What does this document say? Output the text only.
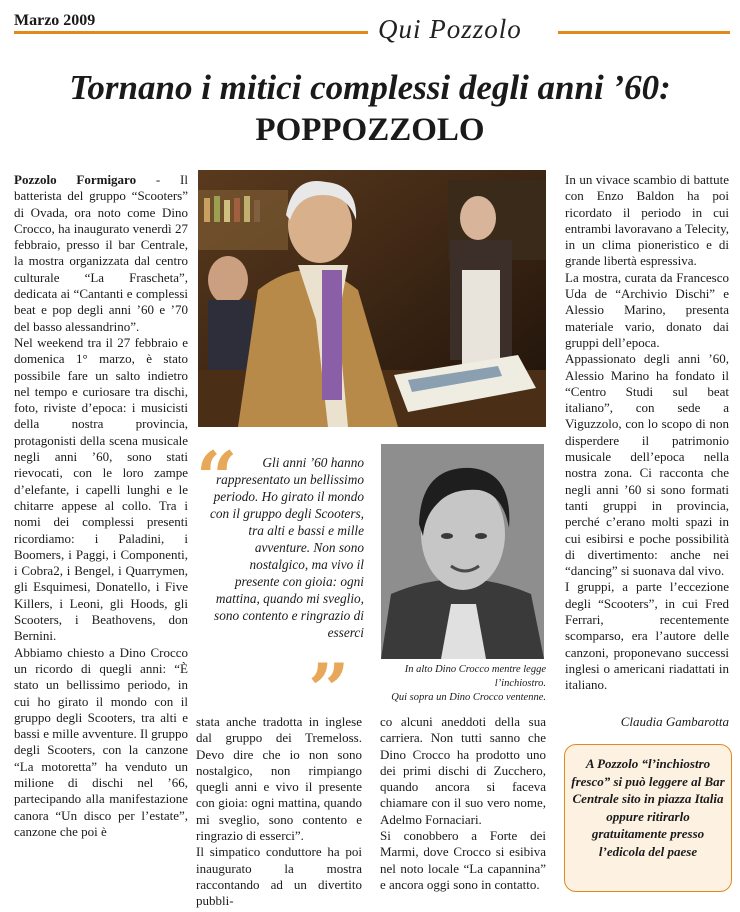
Marzo 2009	Qui Pozzolo
Tornano i mitici complessi degli anni ’60:
POPPOZZOLO

Pozzolo Formigaro - Il batterista del gruppo “Scooters” di Ovada, ora noto come Dino Crocco, ha inaugurato venerdì 27 febbraio, presso il bar Centrale, la mostra organizzata dal centro culturale “La Frascheta”, dedicata ai “Cantanti e complessi beat e pop degli anni ’60 e ’70 del basso alessandrino”.

Nel weekend tra il 27 febbraio e domenica 1° marzo, è stato possibile fare un salto indietro nel tempo e curiosare tra dischi, foto, riviste d’epoca: i musicisti della nostra provincia, protagonisti della scena musicale negli anni ’60, sono stati rievocati, con le loro zampe d’elefante, i capelli lunghi e le chitarre appese al collo. Tra i nomi dei complessi presenti ricordiamo: i Paladini, i Boomers, i Paggi, i Componenti, i Cobra2, i Bengel, i Quarrymen, gli Esquimesi, Donatello, i Five Killers, i Leoni, gli Hoods, gli Scooters, i Beathovens, don Bernini.

Abbiamo chiesto a Dino Crocco un ricordo di quegli anni: “È stato un bellissimo periodo, in cui ho girato il mondo con il gruppo degli Scooters, tra alti e bassi e mille avventure. Il gruppo degli Scooters, con la canzone “La motoretta” ha venduto un milione di dischi nel ’66, partecipando alla manifestazione canora “Un disco per l’estate”, canzone che poi è

“	Gli anni ’60 hanno rappresentato un bellissimo periodo. Ho girato il mondo con il gruppo degli Scooters, tra alti e bassi e mille avventure. Non sono nostalgico, ma vivo il presente con gioia: ogni mattina, quando mi sveglio, sono contento e ringrazio di esserci
”	In alto Dino Crocco mentre legge l’inchiostro.
Qui sopra un Dino Crocco ventenne.

stata anche tradotta in inglese dal gruppo dei Tremeloss. Devo dire che io non sono nostalgico, non rimpiango quegli anni e vivo il presente con gioia: ogni mattina, quando mi sveglio, sono contento e ringrazio di esserci”.

Il simpatico conduttore ha poi inaugurato la mostra raccontando ad un divertito pubbli-

co alcuni aneddoti della sua carriera. Non tutti sanno che Dino Crocco ha prodotto uno dei primi dischi di Zucchero, quando ancora si faceva chiamare con il suo vero nome, Adelmo Fornaciari.

Si conobbero a Forte dei Marmi, dove Crocco si esibiva nel noto locale “La capannina” e ancora oggi sono in contatto.

In un vivace scambio di battute con Enzo Baldon ha poi ricordato il periodo in cui entrambi lavoravano a Telecity, in un clima pioneristico e di grande libertà espressiva.

La mostra, curata da Francesco Uda de “Archivio Dischi” e Alessio Marino, presenta materiale vario, donato dai gruppi dell’epoca.

Appassionato degli anni ’60, Alessio Marino ha fondato il “Centro Studi sul beat italiano”, con sede a Viguzzolo, con lo scopo di non disperdere il patrimonio musicale dell’epoca nella nostra zona. Ci racconta che negli anni ’60 si sono formati tanti gruppi in provincia, perché c’erano molti spazi in cui esibirsi e poche possibilità di divertimento: anche nei “dancing” si suonava dal vivo.

I gruppi, a parte l’eccezione degli “Scooters”, in cui Fred Ferrari, recentemente scomparso, era l’autore delle canzoni, proponevano successi inglesi o americani riadattati in italiano.

Claudia Gambarotta
A Pozzolo “l’inchiostro fresco” si può leggere al Bar Centrale sito in piazza Italia oppure ritirarlo gratuitamente presso l’edicola del paese
